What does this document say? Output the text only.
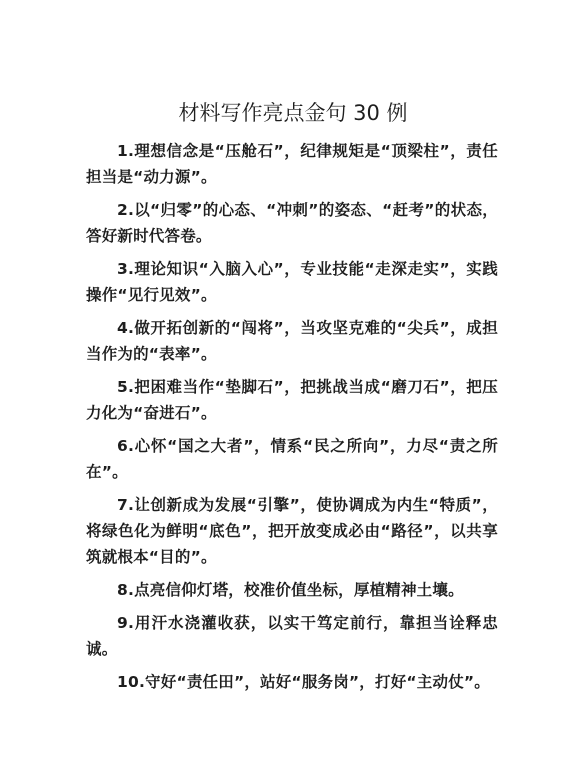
材料写作亮点金句 30 例

1.理想信念是“压舱石”，纪律规矩是“顶梁柱”，责任担当是“动力源”。

2.以“归零”的心态、“冲刺”的姿态、“赶考”的状态，答好新时代答卷。

3.理论知识“入脑入心”，专业技能“走深走实”，实践操作“见行见效”。

4.做开拓创新的“闯将”，当攻坚克难的“尖兵”，成担当作为的“表率”。

5.把困难当作“垫脚石”，把挑战当成“磨刀石”，把压力化为“奋进石”。

6.心怀“国之大者”，情系“民之所向”，力尽“责之所在”。

7.让创新成为发展“引擎”，使协调成为内生“特质”，将绿色化为鲜明“底色”，把开放变成必由“路径”，以共享筑就根本“目的”。

8.点亮信仰灯塔，校准价值坐标，厚植精神土壤。

9.用汗水浇灌收获，以实干笃定前行，靠担当诠释忠诚。

10.守好“责任田”，站好“服务岗”，打好“主动仗”。
